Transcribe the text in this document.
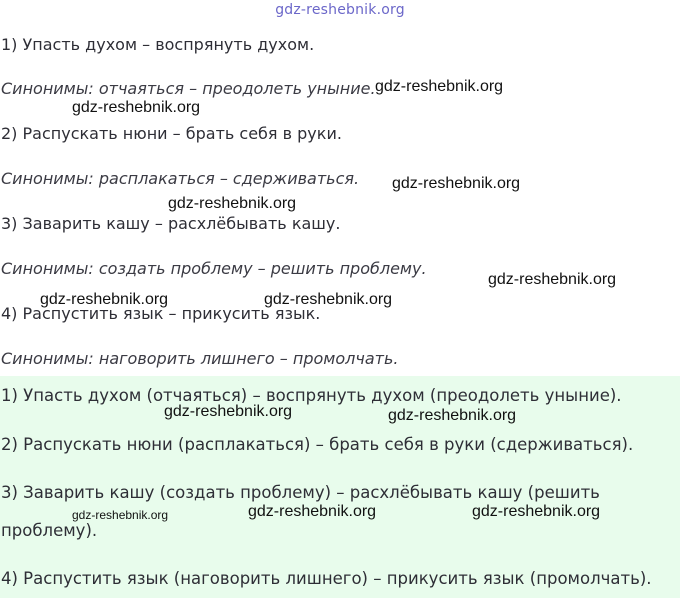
gdz-reshebnik.org
1) Упасть духом – воспрянуть духом.
Синонимы: отчаяться – преодолеть уныние.
2) Распускать нюни – брать себя в руки.
Синонимы: расплакаться – сдерживаться.
3) Заварить кашу – расхлёбывать кашу.
Синонимы: создать проблему – решить проблему.
4) Распустить язык – прикусить язык.
Синонимы: наговорить лишнего – промолчать.
1) Упасть духом (отчаяться) – воспрянуть духом (преодолеть уныние).
2) Распускать нюни (расплакаться) – брать себя в руки (сдерживаться).
3) Заварить кашу (создать проблему) – расхлёбывать кашу (решить
проблему).
4) Распустить язык (наговорить лишнего) – прикусить язык (промолчать).
gdz-reshebnik.org
gdz-reshebnik.org
gdz-reshebnik.org
gdz-reshebnik.org
gdz-reshebnik.org
gdz-reshebnik.org	gdz-reshebnik.org
gdz-reshebnik.org	gdz-reshebnik.org
gdz-reshebnik.org	gdz-reshebnik.org	gdz-reshebnik.org
